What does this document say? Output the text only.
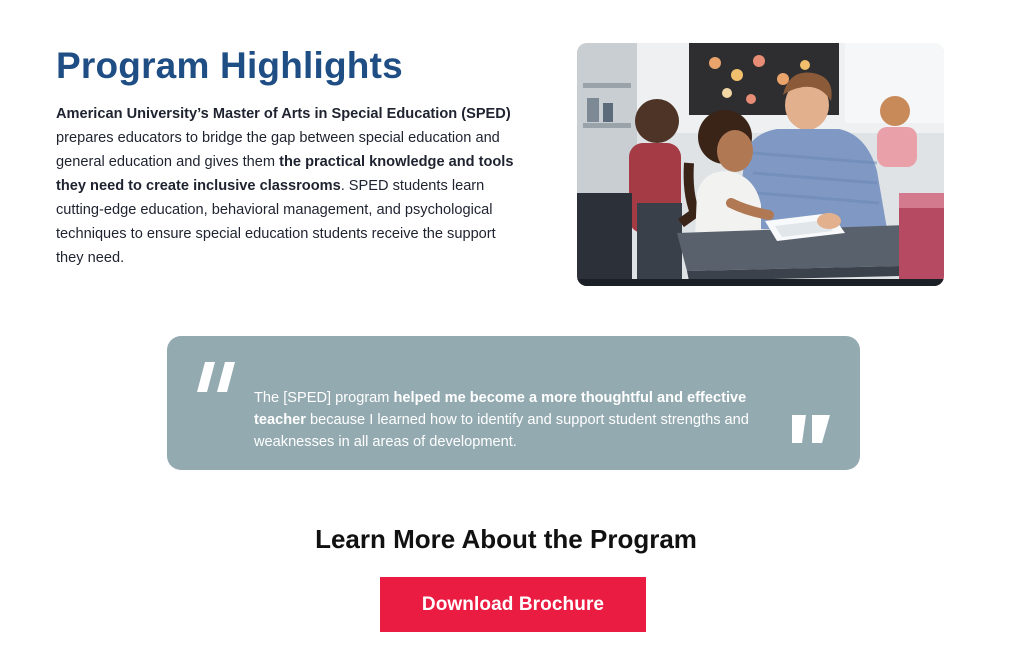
Program Highlights

American University’s Master of Arts in Special Education (SPED) prepares educators to bridge the gap between special education and general education and gives them the practical knowledge and tools they need to create inclusive classrooms. SPED students learn cutting-edge education, behavioral management, and psychological techniques to ensure special education students receive the support they need.

The [SPED] program helped me become a more thoughtful and effective teacher because I learned how to identify and support student strengths and weaknesses in all areas of development.

Learn More About the Program
Download Brochure
